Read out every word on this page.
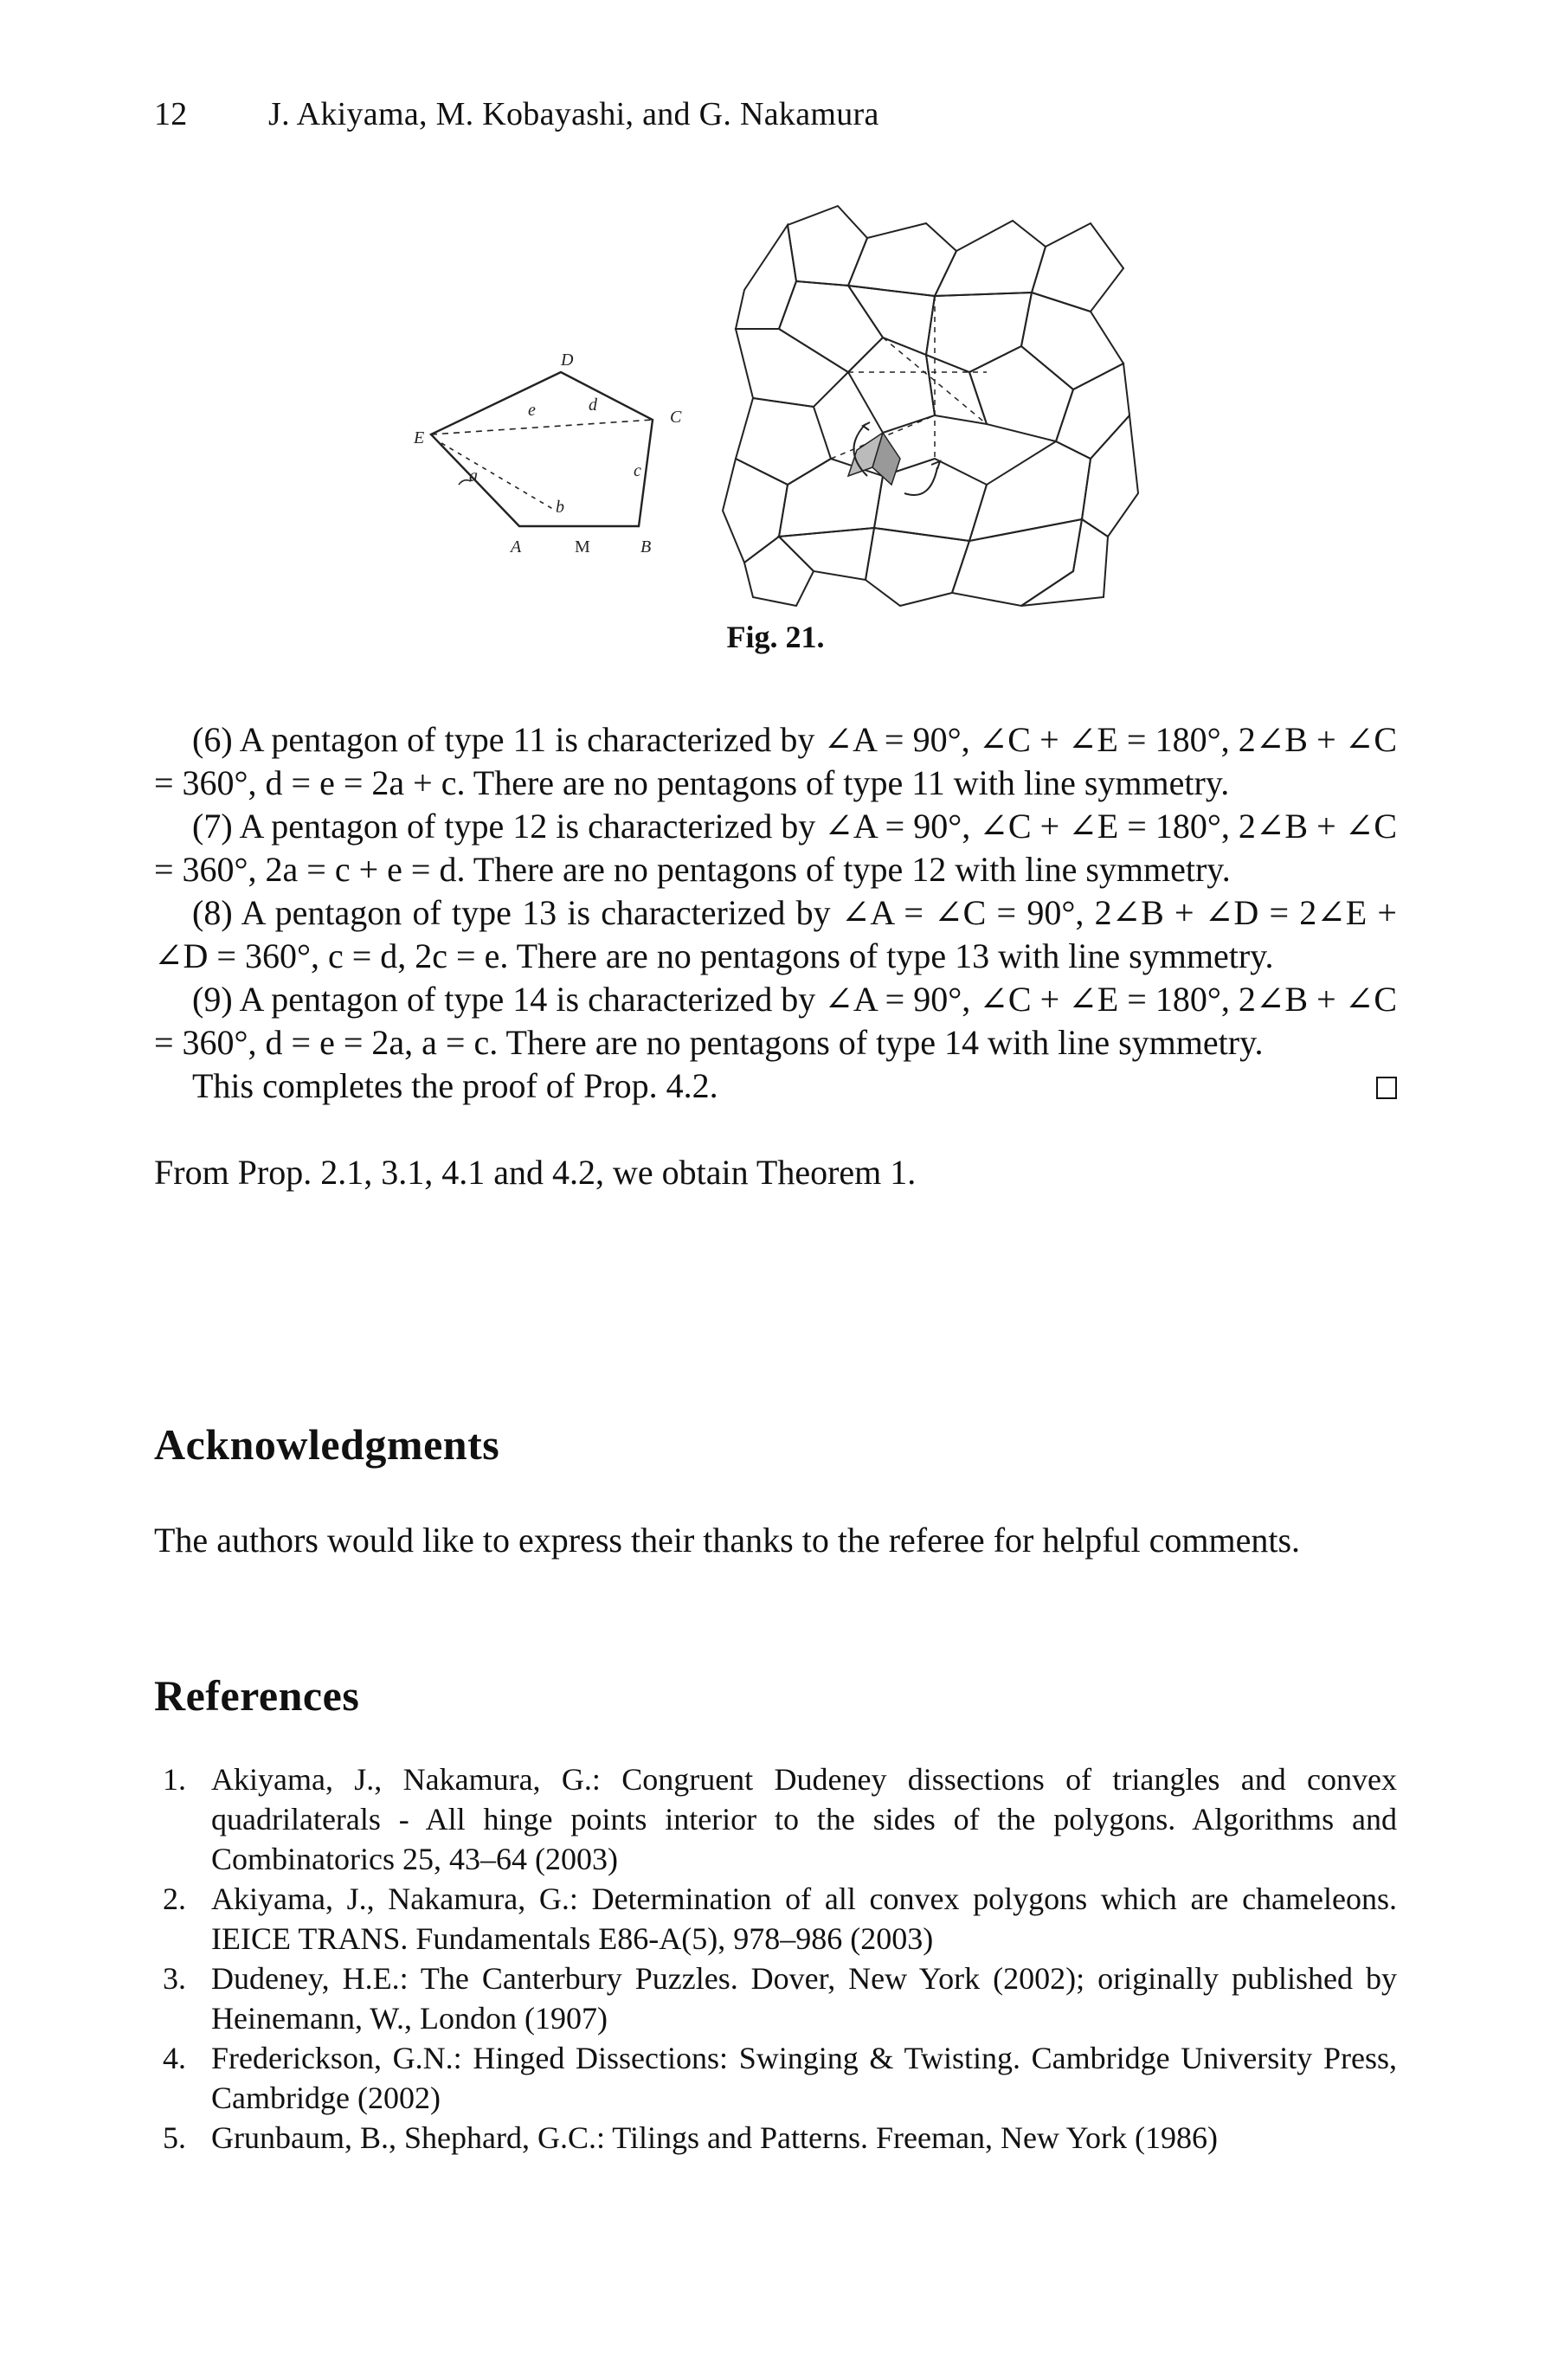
12 J. Akiyama, M. Kobayashi, and G. Nakamura
D
E
C
A	M	B
e	d
c
a
b
Fig. 21.

(6) A pentagon of type 11 is characterized by ∠A = 90°, ∠C + ∠E = 180°, 2∠B + ∠C = 360°, d = e = 2a + c. There are no pentagons of type 11 with line symmetry.

(7) A pentagon of type 12 is characterized by ∠A = 90°, ∠C + ∠E = 180°, 2∠B + ∠C = 360°, 2a = c + e = d. There are no pentagons of type 12 with line symmetry.

(8) A pentagon of type 13 is characterized by ∠A = ∠C = 90°, 2∠B + ∠D = 2∠E + ∠D = 360°, c = d, 2c = e. There are no pentagons of type 13 with line symmetry.

(9) A pentagon of type 14 is characterized by ∠A = 90°, ∠C + ∠E = 180°, 2∠B + ∠C = 360°, d = e = 2a, a = c. There are no pentagons of type 14 with line symmetry.

This completes the proof of Prop. 4.2.

From Prop. 2.1, 3.1, 4.1 and 4.2, we obtain Theorem 1.

Acknowledgments
The authors would like to express their thanks to the referee for helpful comments.
References
1. Akiyama, J., Nakamura, G.: Congruent Dudeney dissections of triangles and convex quadrilaterals - All hinge points interior to the sides of the polygons. Algorithms and Combinatorics 25, 43–64 (2003)
2. Akiyama, J., Nakamura, G.: Determination of all convex polygons which are chameleons. IEICE TRANS. Fundamentals E86-A(5), 978–986 (2003)
3. Dudeney, H.E.: The Canterbury Puzzles. Dover, New York (2002); originally published by Heinemann, W., London (1907)
4. Frederickson, G.N.: Hinged Dissections: Swinging & Twisting. Cambridge University Press, Cambridge (2002)
5. Grunbaum, B., Shephard, G.C.: Tilings and Patterns. Freeman, New York (1986)
